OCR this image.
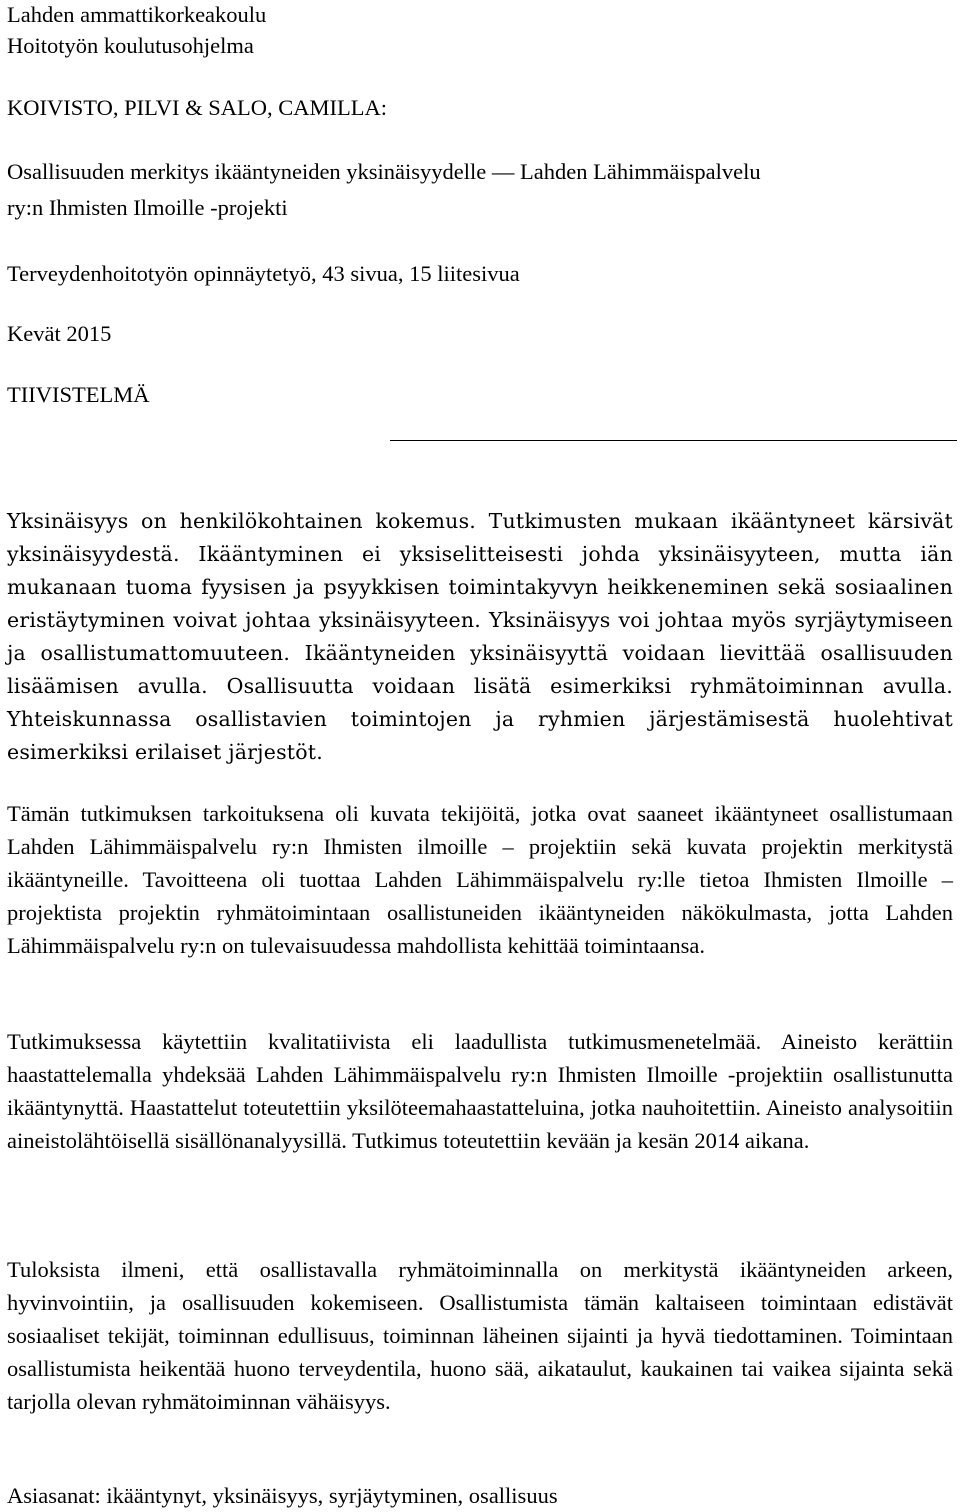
Lahden ammattikorkeakoulu
Hoitotyön koulutusohjelma
KOIVISTO, PILVI & SALO, CAMILLA:
Osallisuuden merkitys ikääntyneiden yksinäisyydelle — Lahden Lähimmäispalvelu
ry:n Ihmisten Ilmoille -projekti
Terveydenhoitotyön opinnäytetyö, 43 sivua, 15 liitesivua
Kevät 2015
TIIVISTELMÄ

Yksinäisyys on henkilökohtainen kokemus. Tutkimusten mukaan ikääntyneet kärsivät yksinäisyydestä. Ikääntyminen ei yksiselitteisesti johda yksinäisyyteen, mutta iän mukanaan tuoma fyysisen ja psyykkisen toimintakyvyn heikkeneminen sekä sosiaalinen eristäytyminen voivat johtaa yksinäisyyteen. Yksinäisyys voi johtaa myös syrjäytymiseen ja osallistumattomuuteen. Ikääntyneiden yksinäisyyttä voidaan lievittää osallisuuden lisäämisen avulla. Osallisuutta voidaan lisätä esimerkiksi ryhmätoiminnan avulla. Yhteiskunnassa osallistavien toimintojen ja ryhmien järjestämisestä huolehtivat esimerkiksi erilaiset järjestöt.

Tämän tutkimuksen tarkoituksena oli kuvata tekijöitä, jotka ovat saaneet ikääntyneet osallistumaan Lahden Lähimmäispalvelu ry:n Ihmisten ilmoille – projektiin sekä kuvata projektin merkitystä ikääntyneille. Tavoitteena oli tuottaa Lahden Lähimmäispalvelu ry:lle tietoa Ihmisten Ilmoille – projektista projektin ryhmätoimintaan osallistuneiden ikääntyneiden näkökulmasta, jotta Lahden Lähimmäispalvelu ry:n on tulevaisuudessa mahdollista kehittää toimintaansa.

Tutkimuksessa käytettiin kvalitatiivista eli laadullista tutkimusmenetelmää. Aineisto kerättiin haastattelemalla yhdeksää Lahden Lähimmäispalvelu ry:n Ihmisten Ilmoille -projektiin osallistunutta ikääntynyttä. Haastattelut toteutettiin yksilöteemahaastatteluina, jotka nauhoitettiin. Aineisto analysoitiin aineistolähtöisellä sisällönanalyysillä. Tutkimus toteutettiin kevään ja kesän 2014 aikana.

Tuloksista ilmeni, että osallistavalla ryhmätoiminnalla on merkitystä ikääntyneiden arkeen, hyvinvointiin, ja osallisuuden kokemiseen. Osallistumista tämän kaltaiseen toimintaan edistävät sosiaaliset tekijät, toiminnan edullisuus, toiminnan läheinen sijainti ja hyvä tiedottaminen. Toimintaan osallistumista heikentää huono terveydentila, huono sää, aikataulut, kaukainen tai vaikea sijainta sekä tarjolla olevan ryhmätoiminnan vähäisyys.

Asiasanat: ikääntynyt, yksinäisyys, syrjäytyminen, osallisuus
